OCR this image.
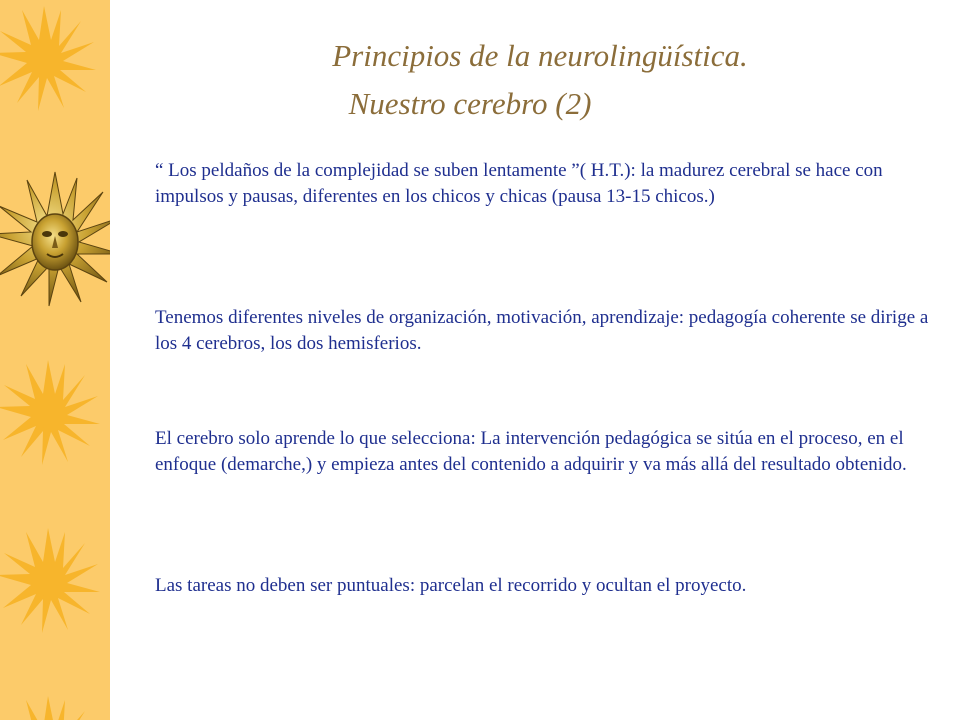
Principios de la neurolingüística.
Nuestro cerebro (2)

“ Los peldaños de la complejidad se suben lentamente ”( H.T.): la madurez cerebral se hace con impulsos y pausas, diferentes en los chicos y chicas (pausa 13-15 chicos.)

Tenemos diferentes niveles de organización, motivación, aprendizaje: pedagogía coherente se dirige a los 4 cerebros, los dos hemisferios.

El cerebro solo aprende lo que selecciona: La intervención pedagógica se sitúa en el proceso, en el enfoque (demarche,) y empieza antes del contenido a adquirir y va más allá del resultado obtenido.

Las tareas no deben ser puntuales: parcelan el recorrido y ocultan el proyecto.
